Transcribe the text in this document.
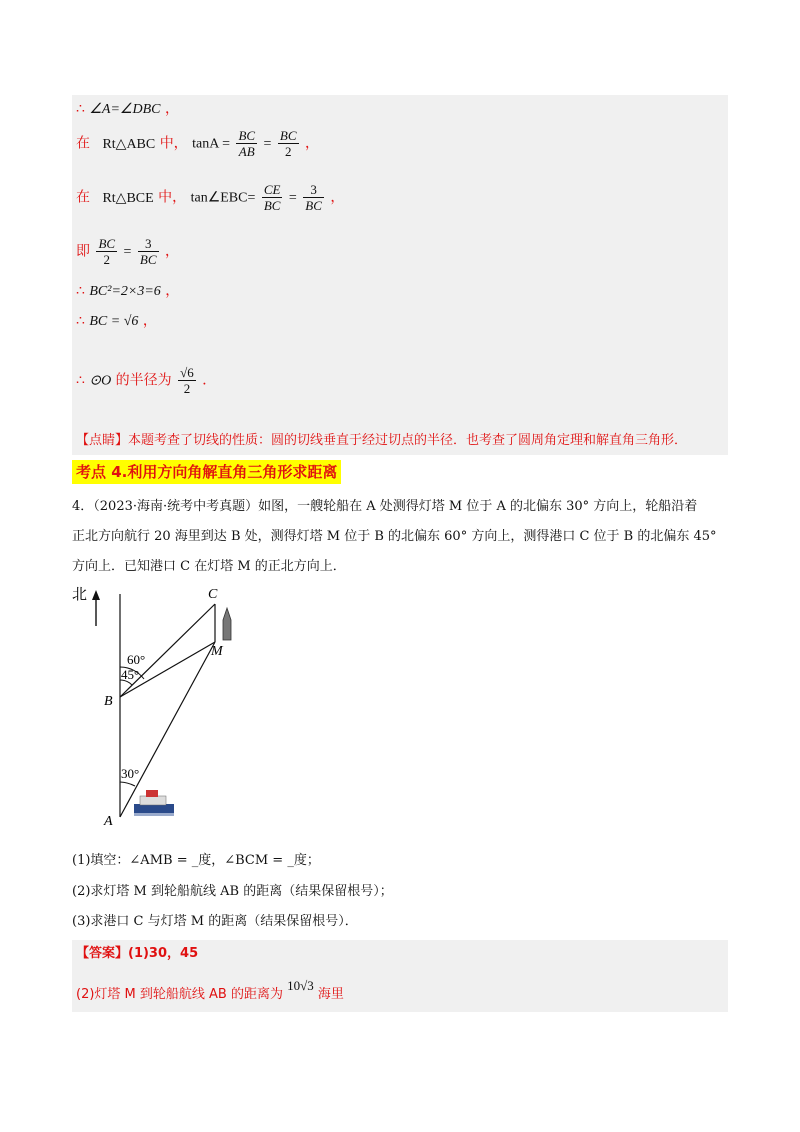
∴ ∠A=∠DBC ，
在 Rt△ABC 中， $\tan A = \frac{BC}{AB} = \frac{BC}{2}$ ，
在 Rt△BCE 中， tan∠EBC= $\frac{CE}{BC} = \frac{3}{BC}$ ，
即 $\frac{BC}{2} = \frac{3}{BC}$ ，
∴ BC²=2×3=6 ，
∴ BC = √6 ，
∴ ⊙O 的半径为 $\frac{√6}{2}$ ．
【点睛】本题考查了切线的性质：圆的切线垂直于经过切点的半径．也考查了圆周角定理和解直角三角形．
考点 4.利用方向角解直角三角形求距离
4．（2023·海南·统考中考真题）如图，一艘轮船在 A 处测得灯塔 M 位于 A 的北偏东 30° 方向上，轮船沿着
正北方向航行 20 海里到达 B 处，测得灯塔 M 位于 B 的北偏东 60° 方向上，测得港口 C 位于 B 的北偏东 45°
方向上．已知港口 C 在灯塔 M 的正北方向上．
北	C
M
B
A
60°
45°
30°
(1)填空：∠AMB = _度，∠BCM = _度；
(2)求灯塔 M 到轮船航线 AB 的距离（结果保留根号）；
(3)求港口 C 与灯塔 M 的距离（结果保留根号）．
【答案】(1)30，45
(2)灯塔 M 到轮船航线 AB 的距离为 10√3 海里
